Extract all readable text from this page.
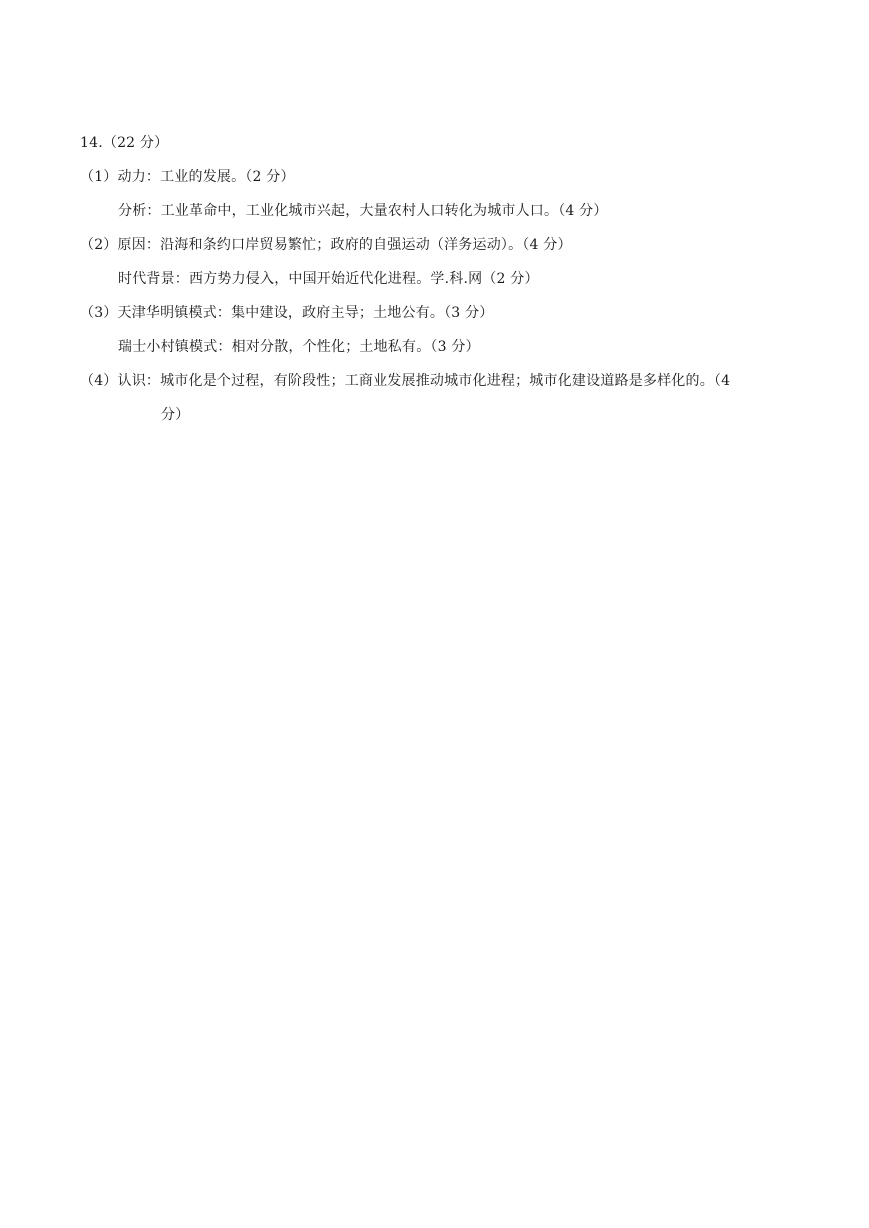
14.（22 分）
（1）动力：工业的发展。（2 分）
分析：工业革命中，工业化城市兴起，大量农村人口转化为城市人口。（4 分）
（2）原因：沿海和条约口岸贸易繁忙；政府的自强运动（洋务运动）。（4 分）
时代背景：西方势力侵入，中国开始近代化进程。学.科.网（2 分）
（3）天津华明镇模式：集中建设，政府主导；土地公有。（3 分）
瑞士小村镇模式：相对分散，个性化；土地私有。（3 分）
（4）认识：城市化是个过程，有阶段性；工商业发展推动城市化进程；城市化建设道路是多样化的。（4
分）
